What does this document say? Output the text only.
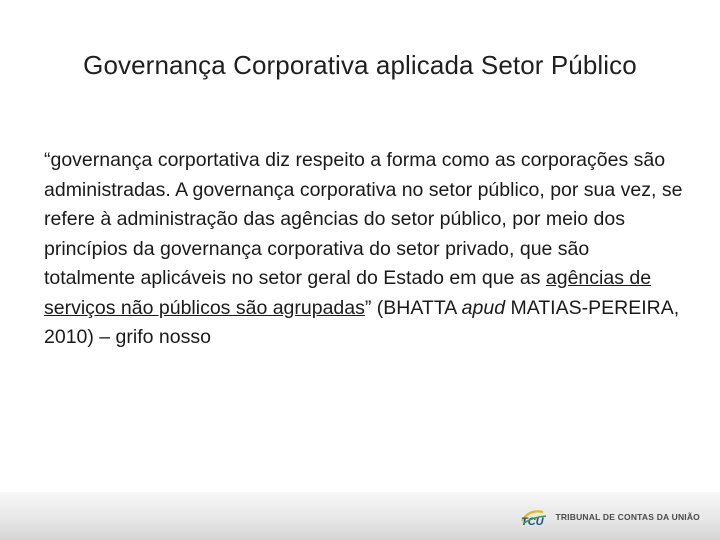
Governança Corporativa aplicada Setor Público
“governança corportativa diz respeito a forma como as corporações são administradas. A governança corporativa no setor público, por sua vez, se refere à administração das agências do setor público, por meio dos princípios da governança corporativa do setor privado, que são totalmente aplicáveis no setor geral do Estado em que as agências de serviços não públicos são agrupadas” (BHATTA apud MATIAS-PEREIRA, 2010) – grifo nosso
TCU TRIBUNAL DE CONTAS DA UNIÃO
